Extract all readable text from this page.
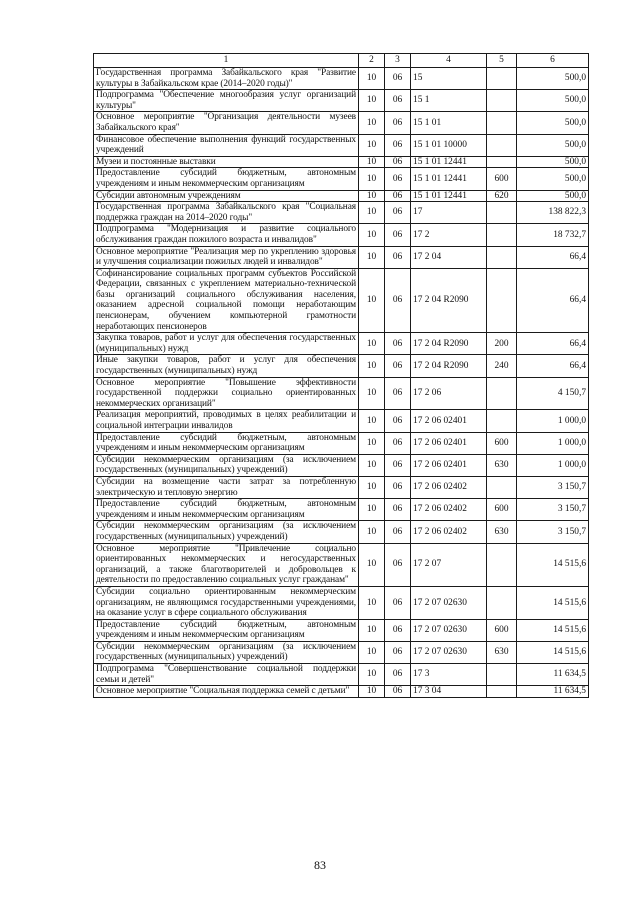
1	2	3	4	5	6
Государственная программа Забайкальского края "Развитие культуры в Забайкальском крае (2014–2020 годы)"	10	06	15		500,0
Подпрограмма "Обеспечение многообразия услуг организаций культуры"	10	06	15 1		500,0
Основное мероприятие "Организация деятельности музеев Забайкальского края"	10	06	15 1 01		500,0
Финансовое обеспечение выполнения функций государственных учреждений	10	06	15 1 01 10000		500,0
Музеи и постоянные выставки	10	06	15 1 01 12441		500,0
Предоставление субсидий бюджетным, автономным учреждениям и иным некоммерческим организациям	10	06	15 1 01 12441	600	500,0
Субсидии автономным учреждениям	10	06	15 1 01 12441	620	500,0
Государственная программа Забайкальского края "Социальная поддержка граждан на 2014–2020 годы"	10	06	17		138 822,3
Подпрограмма "Модернизация и развитие социального обслуживания граждан пожилого возраста и инвалидов"	10	06	17 2		18 732,7
Основное мероприятие "Реализация мер по укреплению здоровья и улучшения социализации пожилых людей и инвалидов"	10	06	17 2 04		66,4
Софинансирование социальных программ субъектов Российской Федерации, связанных с укреплением материально-технической базы организаций социального обслуживания населения, оказанием адресной социальной помощи неработающим пенсионерам, обучением компьютерной грамотности неработающих пенсионеров	10	06	17 2 04 R2090		66,4
Закупка товаров, работ и услуг для обеспечения государственных (муниципальных) нужд	10	06	17 2 04 R2090	200	66,4
Иные закупки товаров, работ и услуг для обеспечения государственных (муниципальных) нужд	10	06	17 2 04 R2090	240	66,4
Основное мероприятие "Повышение эффективности государственной поддержки социально ориентированных некоммерческих организаций"	10	06	17 2 06		4 150,7
Реализация мероприятий, проводимых в целях реабилитации и социальной интеграции инвалидов	10	06	17 2 06 02401		1 000,0
Предоставление субсидий бюджетным, автономным учреждениям и иным некоммерческим организациям	10	06	17 2 06 02401	600	1 000,0
Субсидии некоммерческим организациям (за исключением государственных (муниципальных) учреждений)	10	06	17 2 06 02401	630	1 000,0
Субсидии на возмещение части затрат за потребленную электрическую и тепловую энергию	10	06	17 2 06 02402		3 150,7
Предоставление субсидий бюджетным, автономным учреждениям и иным некоммерческим организациям	10	06	17 2 06 02402	600	3 150,7
Субсидии некоммерческим организациям (за исключением государственных (муниципальных) учреждений)	10	06	17 2 06 02402	630	3 150,7
Основное мероприятие "Привлечение социально ориентированных некоммерческих и негосударственных организаций, а также благотворителей и добровольцев к деятельности по предоставлению социальных услуг гражданам"	10	06	17 2 07		14 515,6
Субсидии социально ориентированным некоммерческим организациям, не являющимся государственными учреждениями, на оказание услуг в сфере социального обслуживания	10	06	17 2 07 02630		14 515,6
Предоставление субсидий бюджетным, автономным учреждениям и иным некоммерческим организациям	10	06	17 2 07 02630	600	14 515,6
Субсидии некоммерческим организациям (за исключением государственных (муниципальных) учреждений)	10	06	17 2 07 02630	630	14 515,6
Подпрограмма "Совершенствование социальной поддержки семьи и детей"	10	06	17 3		11 634,5
Основное мероприятие "Социальная поддержка семей с детьми"	10	06	17 3 04		11 634,5
83
